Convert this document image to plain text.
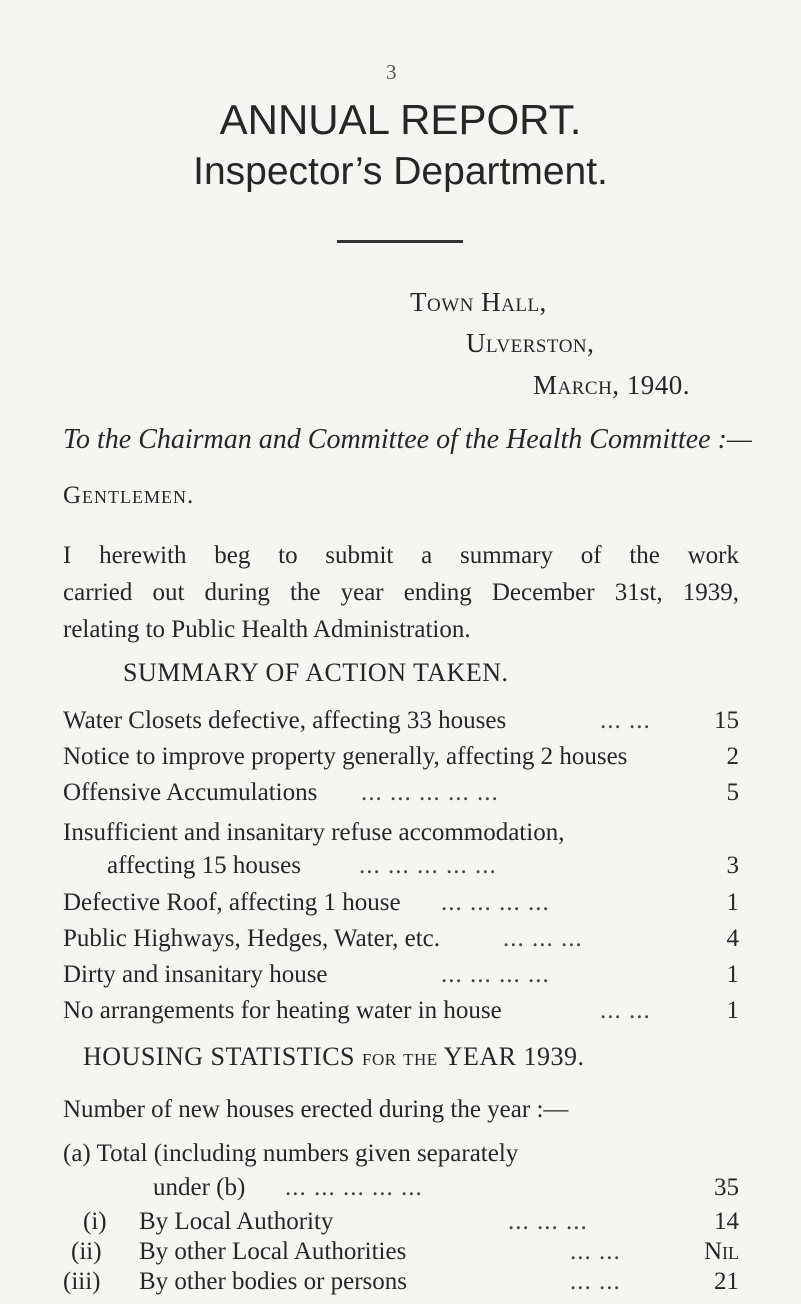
3
ANNUAL REPORT.
Inspector’s Department.
Town Hall,
Ulverston,
March, 1940.
To the Chairman and Committee of the Health Committee :—
Gentlemen.
I herewith beg to submit a summary of the work
carried out during the year ending December 31st, 1939,
relating to Public Health Administration.
SUMMARY OF ACTION TAKEN.
Water Closets defective, affecting 33 houses	... ...	15
Notice to improve property generally, affecting 2 houses	2
Offensive Accumulations ... ... ... ... ...	5
Insufficient and insanitary refuse accommodation,
affecting 15 houses ... ... ... ... ...	3
Defective Roof, affecting 1 house ... ... ... ...	1
Public Highways, Hedges, Water, etc.	... ... ...	4
Dirty and insanitary house	... ... ... ...	1
No arrangements for heating water in house	... ...	1
HOUSING STATISTICS for the YEAR 1939.
Number of new houses erected during the year :—
(a) Total (including numbers given separately
under (b) ... ... ... ... ...	35
(i) By Local Authority	... ... ...	14
(ii) By other Local Authorities	... ...	Nil
(iii) By other bodies or persons	... ...	21
